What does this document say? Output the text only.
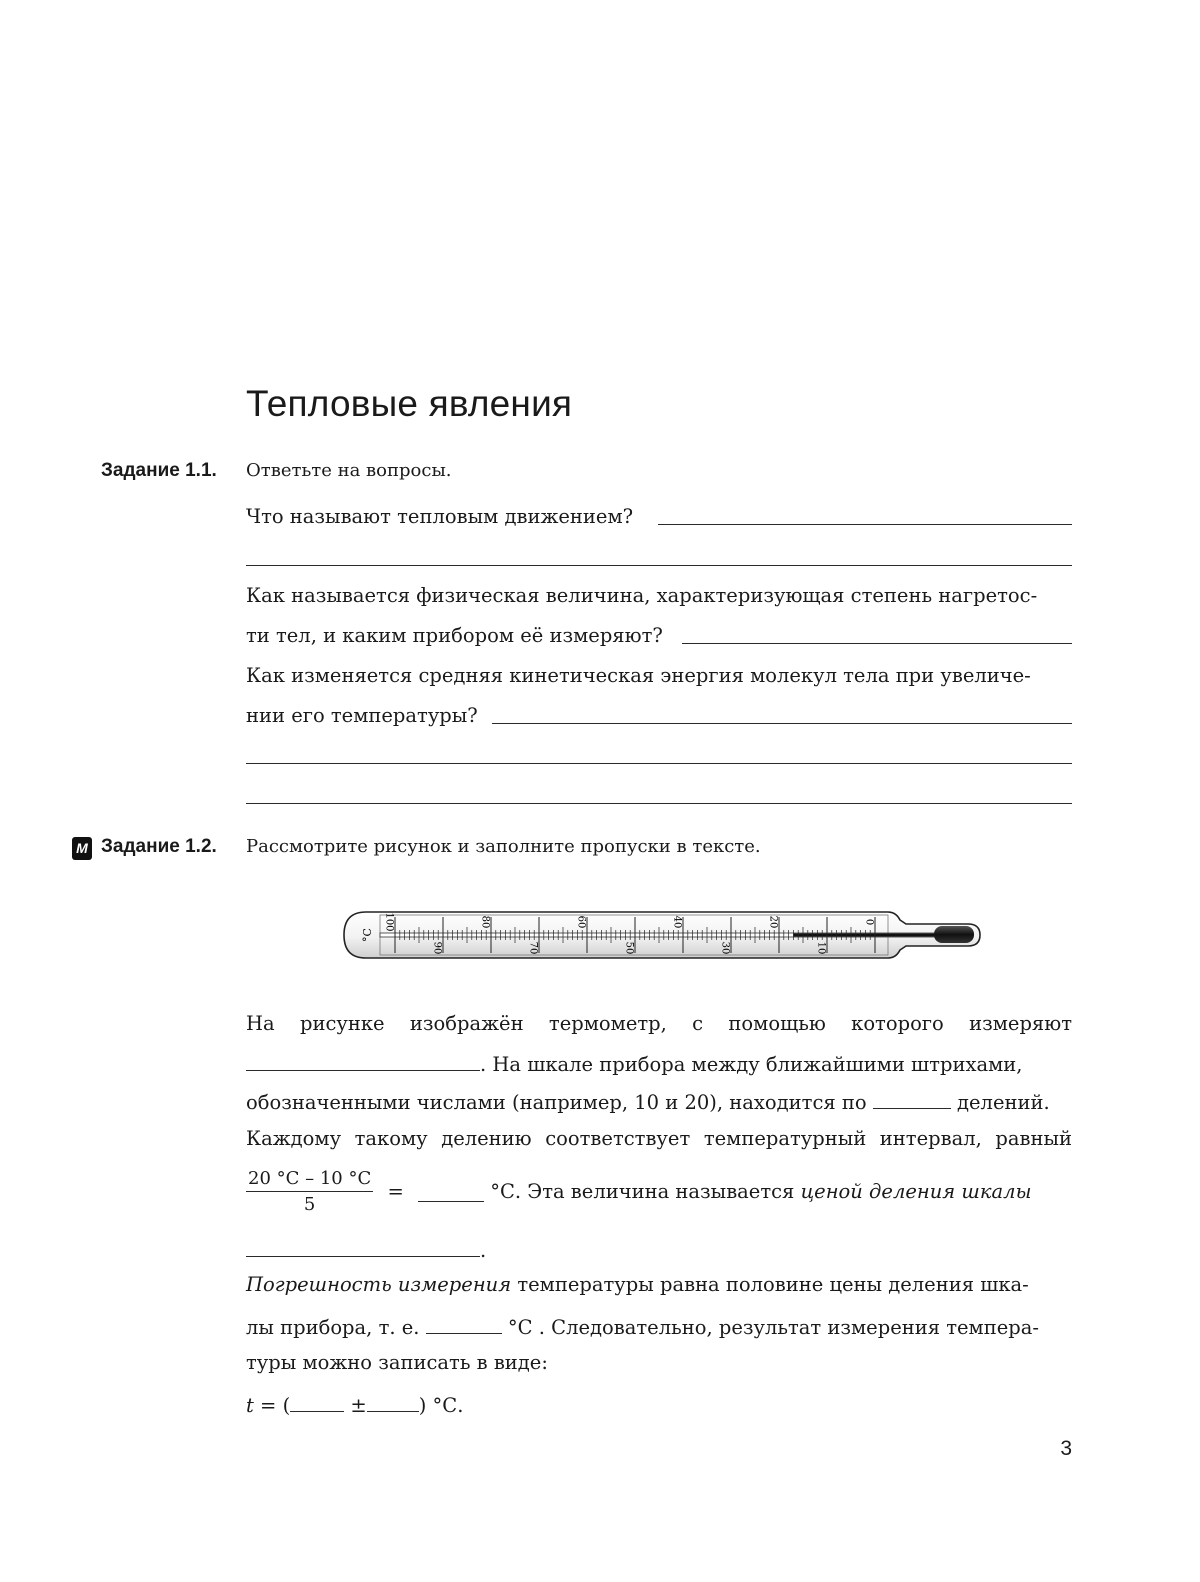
Тепловые явления
Задание 1.1. Ответьте на вопросы.
Что называют тепловым движением?
Как называется физическая величина, характеризующая степень нагретос-
ти тел, и каким прибором её измеряют?
Как изменяется средняя кинетическая энергия молекул тела при увеличе-
нии его температуры?
М Задание 1.2. Рассмотрите рисунок и заполните пропуски в тексте.
100	80	60	40	20	0
90	70	50	30	10
°C
На рисунке изображён термометр, с помощью которого измеряют
. На шкале прибора между ближайшими штрихами,
обозначенными числами (например, 10 и 20), находится по	делений.
Каждому такому делению соответствует температурный интервал, равный
$\frac{20 ^\circ С - 10 ^\circ С}{5}$ =	°С. Эта величина называется ценой деления шкалы
.
Погрешность измерения температуры равна половине цены деления шка-
лы прибора, т. е.	°С . Следовательно, результат измерения темпера-
туры можно записать в виде:
t = (	±	) °С.
3
